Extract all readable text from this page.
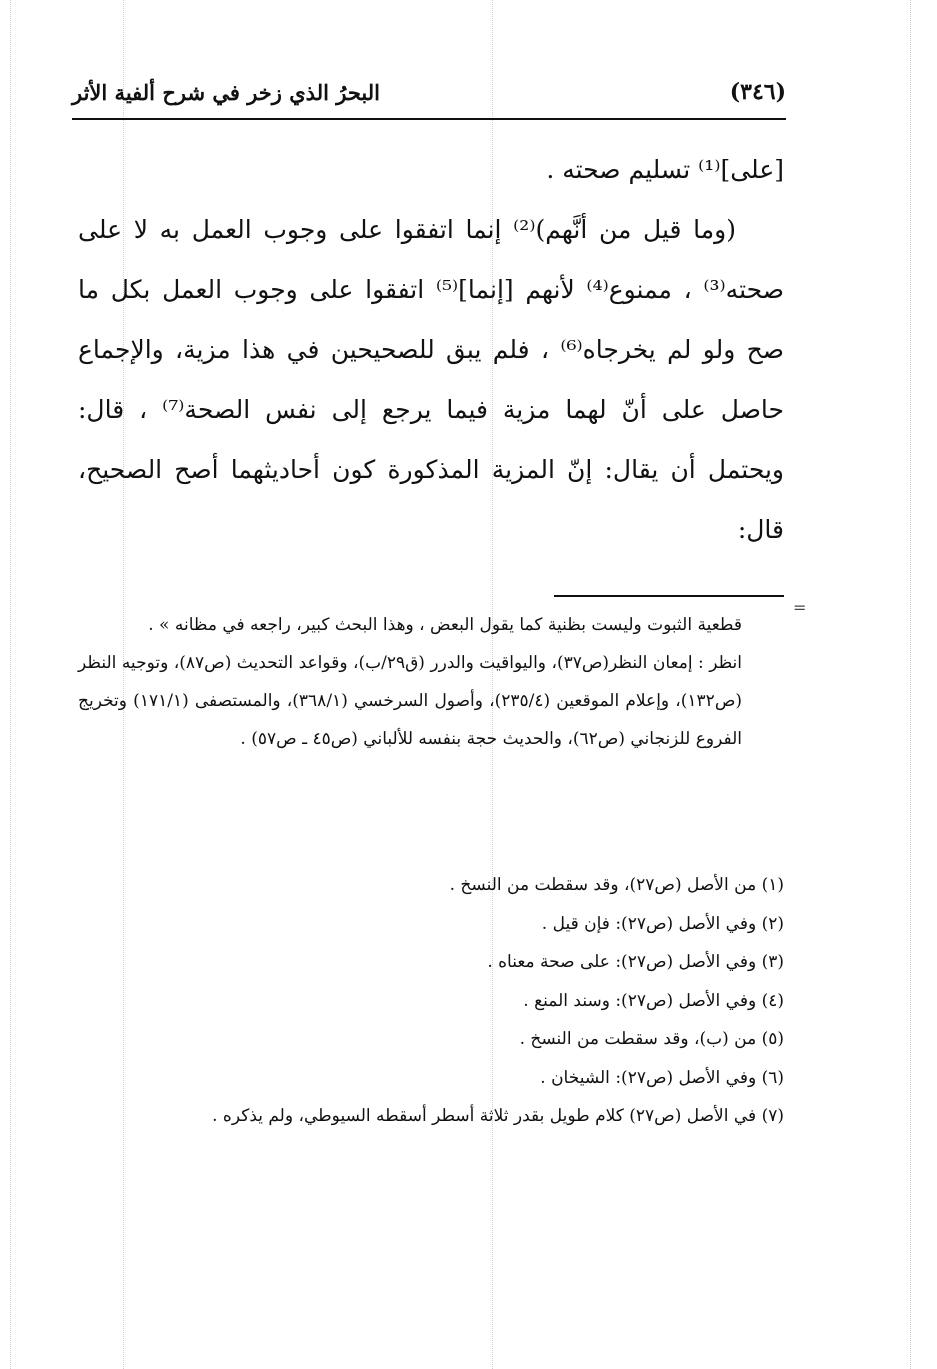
(٣٤٦)
البحرُ الذي زخر في شرح ألفية الأثر

[على]⁽¹⁾ تسليم صحته .

(وما قيل من أنَّهم)⁽²⁾ إنما اتفقوا على وجوب العمل به لا على صحته⁽³⁾ ، ممنوع⁽⁴⁾ لأنهم [إنما]⁽⁵⁾ اتفقوا على وجوب العمل بكل ما صح ولو لم يخرجاه⁽⁶⁾ ، فلم يبق للصحيحين في هذا مزية، والإجماع حاصل على أنّ لهما مزية فيما يرجع إلى نفس الصحة⁽⁷⁾ ، قال: ويحتمل أن يقال: إنّ المزية المذكورة كون أحاديثهما أصح الصحيح، قال:

=

قطعية الثبوت وليست بظنية كما يقول البعض ، وهذا البحث كبير، راجعه في مظانه » .

انظر : إمعان النظر(ص٣٧)، واليواقيت والدرر (ق٢٩/ب)، وقواعد التحديث (ص٨٧)، وتوجيه النظر (ص١٣٢)، وإعلام الموقعين (٢٣٥/٤)، وأصول السرخسي (٣٦٨/١)، والمستصفى (١٧١/١) وتخريج الفروع للزنجاني (ص٦٢)، والحديث حجة بنفسه للألباني (ص٤٥ ـ ص٥٧) .

(١) من الأصل (ص٢٧)، وقد سقطت من النسخ .
(٢) وفي الأصل (ص٢٧): فإن قيل .
(٣) وفي الأصل (ص٢٧): على صحة معناه .
(٤) وفي الأصل (ص٢٧): وسند المنع .
(٥) من (ب)، وقد سقطت من النسخ .
(٦) وفي الأصل (ص٢٧): الشيخان .
(٧) في الأصل (ص٢٧) كلام طويل بقدر ثلاثة أسطر أسقطه السيوطي، ولم يذكره .
